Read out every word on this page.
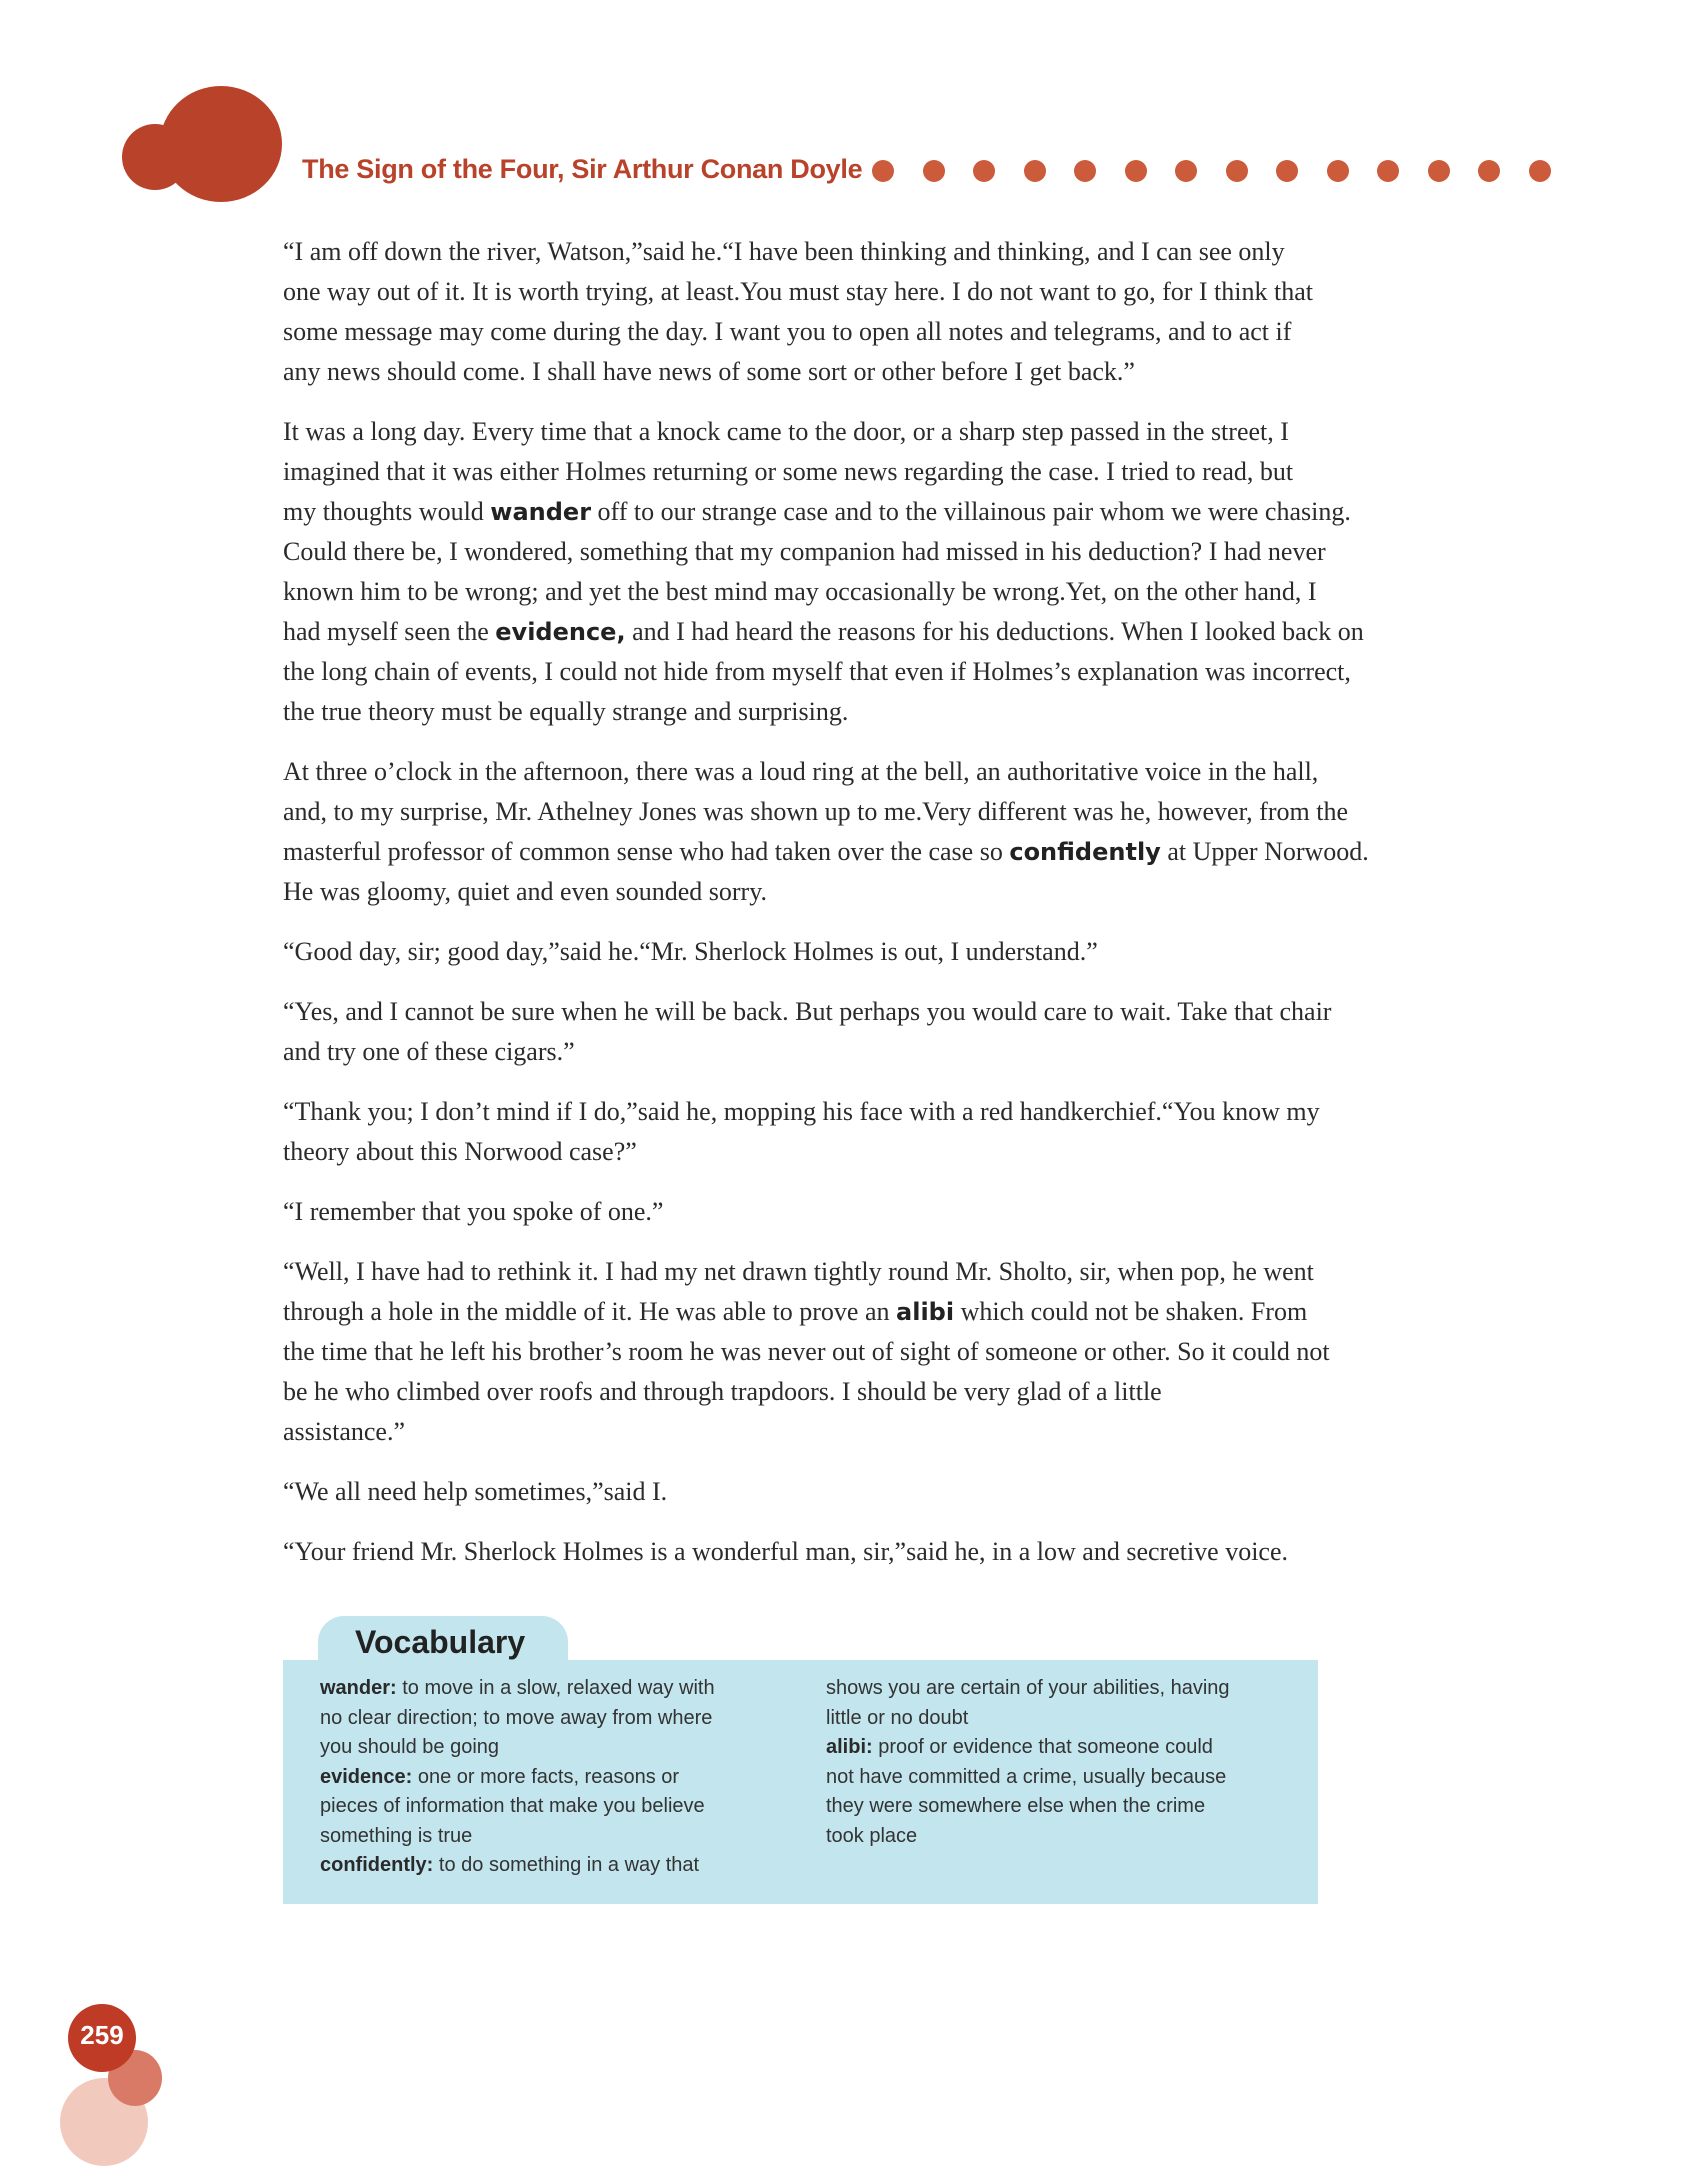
The Sign of the Four, Sir Arthur Conan Doyle

“I am off down the river, Watson,”said he.“I have been thinking and thinking, and I can see only
one way out of it. It is worth trying, at least.You must stay here. I do not want to go, for I think that
some message may come during the day. I want you to open all notes and telegrams, and to act if
any news should come. I shall have news of some sort or other before I get back.”

It was a long day. Every time that a knock came to the door, or a sharp step passed in the street, I
imagined that it was either Holmes returning or some news regarding the case. I tried to read, but
my thoughts would wander off to our strange case and to the villainous pair whom we were chasing.
Could there be, I wondered, something that my companion had missed in his deduction? I had never
known him to be wrong; and yet the best mind may occasionally be wrong.Yet, on the other hand, I
had myself seen the evidence, and I had heard the reasons for his deductions. When I looked back on
the long chain of events, I could not hide from myself that even if Holmes’s explanation was incorrect,
the true theory must be equally strange and surprising.

At three o’clock in the afternoon, there was a loud ring at the bell, an authoritative voice in the hall,
and, to my surprise, Mr. Athelney Jones was shown up to me.Very different was he, however, from the
masterful professor of common sense who had taken over the case so confidently at Upper Norwood.
He was gloomy, quiet and even sounded sorry.

“Good day, sir; good day,”said he.“Mr. Sherlock Holmes is out, I understand.”

“Yes, and I cannot be sure when he will be back. But perhaps you would care to wait. Take that chair
and try one of these cigars.”

“Thank you; I don’t mind if I do,”said he, mopping his face with a red handkerchief.“You know my
theory about this Norwood case?”

“I remember that you spoke of one.”

“Well, I have had to rethink it. I had my net drawn tightly round Mr. Sholto, sir, when pop, he went
through a hole in the middle of it. He was able to prove an alibi which could not be shaken. From
the time that he left his brother’s room he was never out of sight of someone or other. So it could not
be he who climbed over roofs and through trapdoors. I should be very glad of a little
assistance.”

“We all need help sometimes,”said I.

“Your friend Mr. Sherlock Holmes is a wonderful man, sir,”said he, in a low and secretive voice.

Vocabulary
wander: to move in a slow, relaxed way with
no clear direction; to move away from where
you should be going
evidence: one or more facts, reasons or
pieces of information that make you believe
something is true
confidently: to do something in a way that
shows you are certain of your abilities, having
little or no doubt
alibi: proof or evidence that someone could
not have committed a crime, usually because
they were somewhere else when the crime
took place
259
